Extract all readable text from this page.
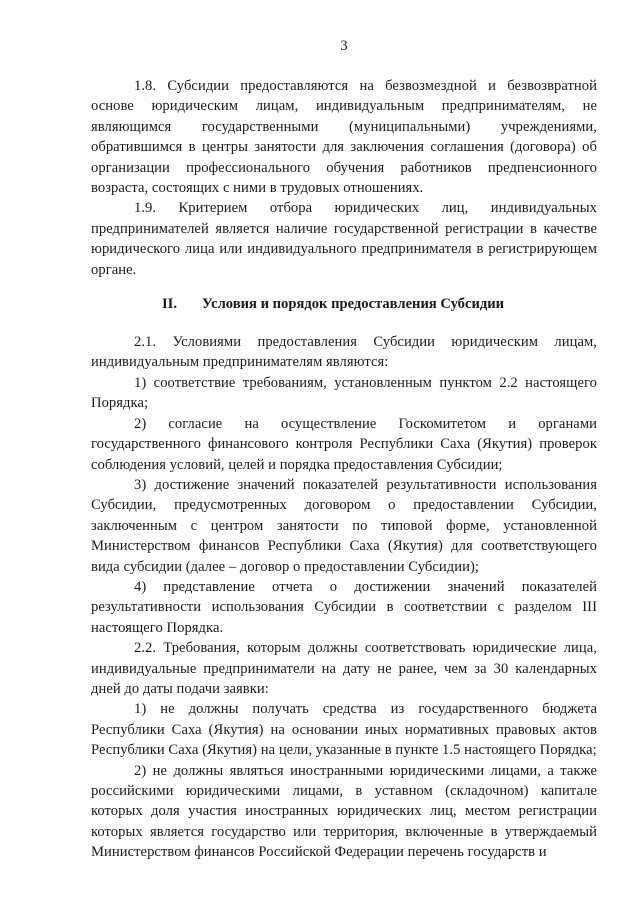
3

1.8. Субсидии предоставляются на безвозмездной и безвозвратной основе юридическим лицам, индивидуальным предпринимателям, не являющимся государственными (муниципальными) учреждениями, обратившимся в центры занятости для заключения соглашения (договора) об организации профессионального обучения работников предпенсионного возраста, состоящих с ними в трудовых отношениях.

1.9. Критерием отбора юридических лиц, индивидуальных предпринимателей является наличие государственной регистрации в качестве юридического лица или индивидуального предпринимателя в регистрирующем органе.

II. Условия и порядок предоставления Субсидии

2.1. Условиями предоставления Субсидии юридическим лицам, индивидуальным предпринимателям являются:

1) соответствие требованиям, установленным пунктом 2.2 настоящего Порядка;

2) согласие на осуществление Госкомитетом и органами государственного финансового контроля Республики Саха (Якутия) проверок соблюдения условий, целей и порядка предоставления Субсидии;

3) достижение значений показателей результативности использования Субсидии, предусмотренных договором о предоставлении Субсидии, заключенным с центром занятости по типовой форме, установленной Министерством финансов Республики Саха (Якутия) для соответствующего вида субсидии (далее – договор о предоставлении Субсидии);

4) представление отчета о достижении значений показателей результативности использования Субсидии в соответствии с разделом III настоящего Порядка.

2.2. Требования, которым должны соответствовать юридические лица, индивидуальные предприниматели на дату не ранее, чем за 30 календарных дней до даты подачи заявки:

1) не должны получать средства из государственного бюджета Республики Саха (Якутия) на основании иных нормативных правовых актов Республики Саха (Якутия) на цели, указанные в пункте 1.5 настоящего Порядка;

2) не должны являться иностранными юридическими лицами, а также российскими юридическими лицами, в уставном (складочном) капитале которых доля участия иностранных юридических лиц, местом регистрации которых является государство или территория, включенные в утверждаемый Министерством финансов Российской Федерации перечень государств и
